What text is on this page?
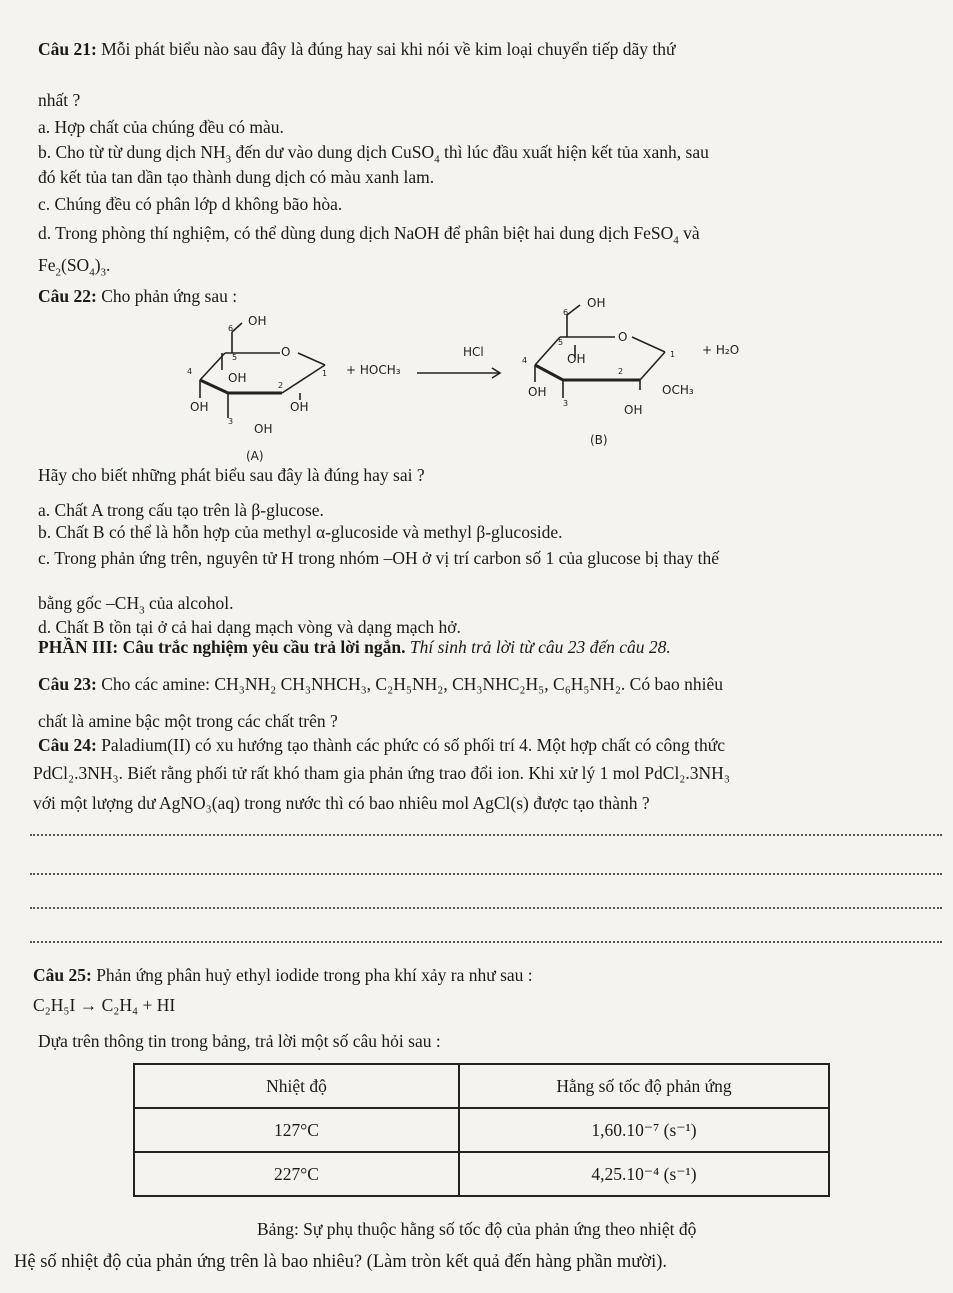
Câu 21: Mỗi phát biểu nào sau đây là đúng hay sai khi nói về kim loại chuyển tiếp dãy thứ
nhất ?
a. Hợp chất của chúng đều có màu.
b. Cho từ từ dung dịch $NH_3$ đến dư vào dung dịch CuSO$_4$ thì lúc đầu xuất hiện kết tủa xanh, sau
đó kết tủa tan dần tạo thành dung dịch có màu xanh lam.
c. Chúng đều có phân lớp d không bão hòa.
d. Trong phòng thí nghiệm, có thể dùng dung dịch NaOH để phân biệt hai dung dịch FeSO$_4$ và
$Fe_2(SO_4)_3$.
Câu 22: Cho phản ứng sau :
OH
6
O
5
OH
4	1
2
3
OH	OH
OH
(A)
+ HOCH₃
HCl
OH
6
O
5
OH
4
1
2
3
OH	OCH₃
OH
(B)
+ H₂O
Hãy cho biết những phát biểu sau đây là đúng hay sai ?
a. Chất A trong cấu tạo trên là β-glucose.
b. Chất B có thể là hỗn hợp của methyl α-glucoside và methyl β-glucoside.
c. Trong phản ứng trên, nguyên tử H trong nhóm –OH ở vị trí carbon số 1 của glucose bị thay thế
bằng gốc $-CH_3$ của alcohol.
d. Chất B tồn tại ở cả hai dạng mạch vòng và dạng mạch hở.
PHẦN III: Câu trắc nghiệm yêu cầu trả lời ngắn. Thí sinh trả lời từ câu 23 đến câu 28.
Câu 23: Cho các amine: CH₃NH₂ CH₃NHCH₃, C₂H₅NH₂, CH₃NHC₂H₅, C₆H₅NH₂. Có bao nhiêu
chất là amine bậc một trong các chất trên ?
Câu 24: Paladium(II) có xu hướng tạo thành các phức có số phối trí 4. Một hợp chất có công thức
PdCl₂.3NH₃. Biết rằng phối tử rất khó tham gia phản ứng trao đổi ion. Khi xử lý 1 mol PdCl₂.3NH₃
với một lượng dư AgNO₃(aq) trong nước thì có bao nhiêu mol AgCl(s) được tạo thành ?
Câu 25: Phản ứng phân huỷ ethyl iodide trong pha khí xảy ra như sau :
C₂H₅I → C₂H₄ + HI
Dựa trên thông tin trong bảng, trả lời một số câu hỏi sau :
Nhiệt độ	Hằng số tốc độ phản ứng
127°C	1,60.10⁻⁷ (s⁻¹)
227°C	4,25.10⁻⁴ (s⁻¹)
Bảng: Sự phụ thuộc hằng số tốc độ của phản ứng theo nhiệt độ
Hệ số nhiệt độ của phản ứng trên là bao nhiêu? (Làm tròn kết quả đến hàng phần mười).
